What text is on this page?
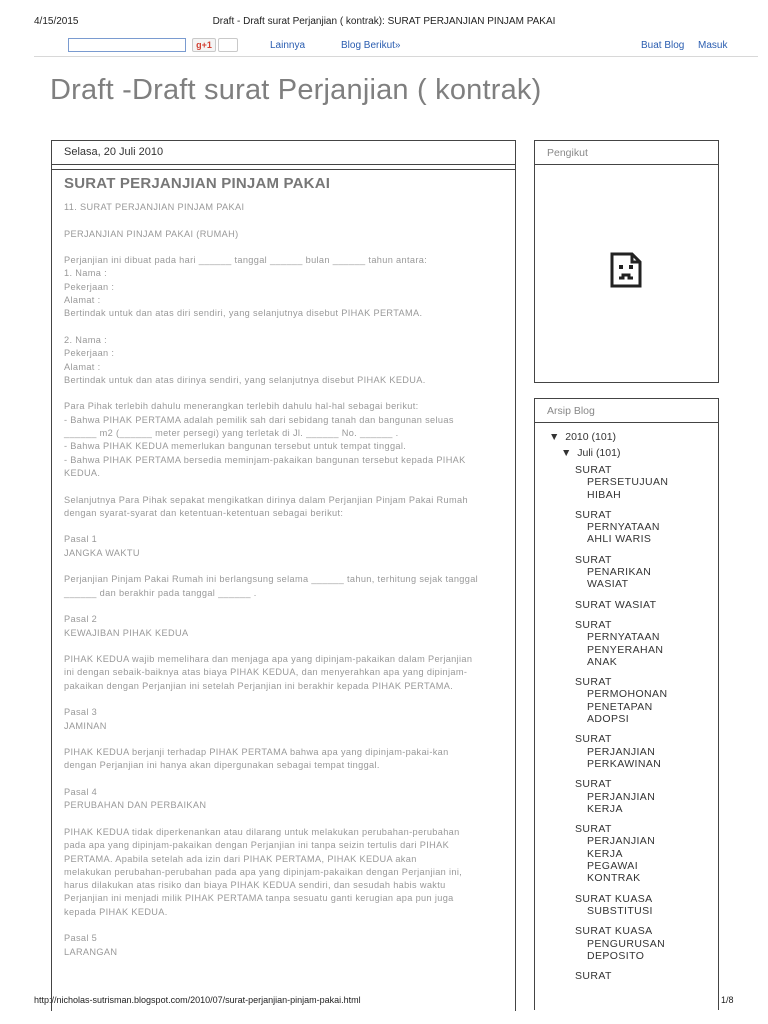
4/15/2015	Draft - Draft surat Perjanjian ( kontrak): SURAT PERJANJIAN PINJAM PAKAI
g+1	Lainnya	Blog Berikut»	Buat Blog Masuk
Draft -Draft surat Perjanjian ( kontrak)
Selasa, 20 Juli 2010
SURAT PERJANJIAN PINJAM PAKAI

11. SURAT PERJANJIAN PINJAM PAKAI

PERJANJIAN PINJAM PAKAI (RUMAH)

Perjanjian ini dibuat pada hari ______ tanggal ______ bulan ______ tahun antara:
1. Nama :
Pekerjaan :
Alamat :
Bertindak untuk dan atas diri sendiri, yang selanjutnya disebut PIHAK PERTAMA.

2. Nama :
Pekerjaan :
Alamat :
Bertindak untuk dan atas dirinya sendiri, yang selanjutnya disebut PIHAK KEDUA.

Para Pihak terlebih dahulu menerangkan terlebih dahulu hal-hal sebagai berikut:
- Bahwa PIHAK PERTAMA adalah pemilik sah dari sebidang tanah dan bangunan seluas
______ m2 (______ meter persegi) yang terletak di Jl. ______ No. ______ .
- Bahwa PIHAK KEDUA memerlukan bangunan tersebut untuk tempat tinggal.
- Bahwa PIHAK PERTAMA bersedia meminjam-pakaikan bangunan tersebut kepada PIHAK
KEDUA.

Selanjutnya Para Pihak sepakat mengikatkan dirinya dalam Perjanjian Pinjam Pakai Rumah
dengan syarat-syarat dan ketentuan-ketentuan sebagai berikut:

Pasal 1
JANGKA WAKTU

Perjanjian Pinjam Pakai Rumah ini berlangsung selama ______ tahun, terhitung sejak tanggal
______ dan berakhir pada tanggal ______ .

Pasal 2
KEWAJIBAN PIHAK KEDUA

PIHAK KEDUA wajib memelihara dan menjaga apa yang dipinjam-pakaikan dalam Perjanjian
ini dengan sebaik-baiknya atas biaya PIHAK KEDUA, dan menyerahkan apa yang dipinjam-
pakaikan dengan Perjanjian ini setelah Perjanjian ini berakhir kepada PIHAK PERTAMA.

Pasal 3
JAMINAN

PIHAK KEDUA berjanji terhadap PIHAK PERTAMA bahwa apa yang dipinjam-pakai-kan
dengan Perjanjian ini hanya akan dipergunakan sebagai tempat tinggal.

Pasal 4
PERUBAHAN DAN PERBAIKAN

PIHAK KEDUA tidak diperkenankan atau dilarang untuk melakukan perubahan-perubahan
pada apa yang dipinjam-pakaikan dengan Perjanjian ini tanpa seizin tertulis dari PIHAK
PERTAMA. Apabila setelah ada izin dari PIHAK PERTAMA, PIHAK KEDUA akan
melakukan perubahan-perubahan pada apa yang dipinjam-pakaikan dengan Perjanjian ini,
harus dilakukan atas risiko dan biaya PIHAK KEDUA sendiri, dan sesudah habis waktu
Perjanjian ini menjadi milik PIHAK PERTAMA tanpa sesuatu ganti kerugian apa pun juga
kepada PIHAK KEDUA.

Pasal 5
LARANGAN

Pengikut
Arsip Blog
▼ 2010 (101)
▼ Juli (101)
SURAT
PERSETUJUAN
HIBAH
SURAT
PERNYATAAN
AHLI WARIS
SURAT
PENARIKAN
WASIAT
SURAT WASIAT
SURAT
PERNYATAAN
PENYERAHAN
ANAK
SURAT
PERMOHONAN
PENETAPAN
ADOPSI
SURAT
PERJANJIAN
PERKAWINAN
SURAT
PERJANJIAN
KERJA
SURAT
PERJANJIAN
KERJA
PEGAWAI
KONTRAK
SURAT KUASA
SUBSTITUSI
SURAT KUASA
PENGURUSAN
DEPOSITO
SURAT
http://nicholas-sutrisman.blogspot.com/2010/07/surat-perjanjian-pinjam-pakai.html	1/8
